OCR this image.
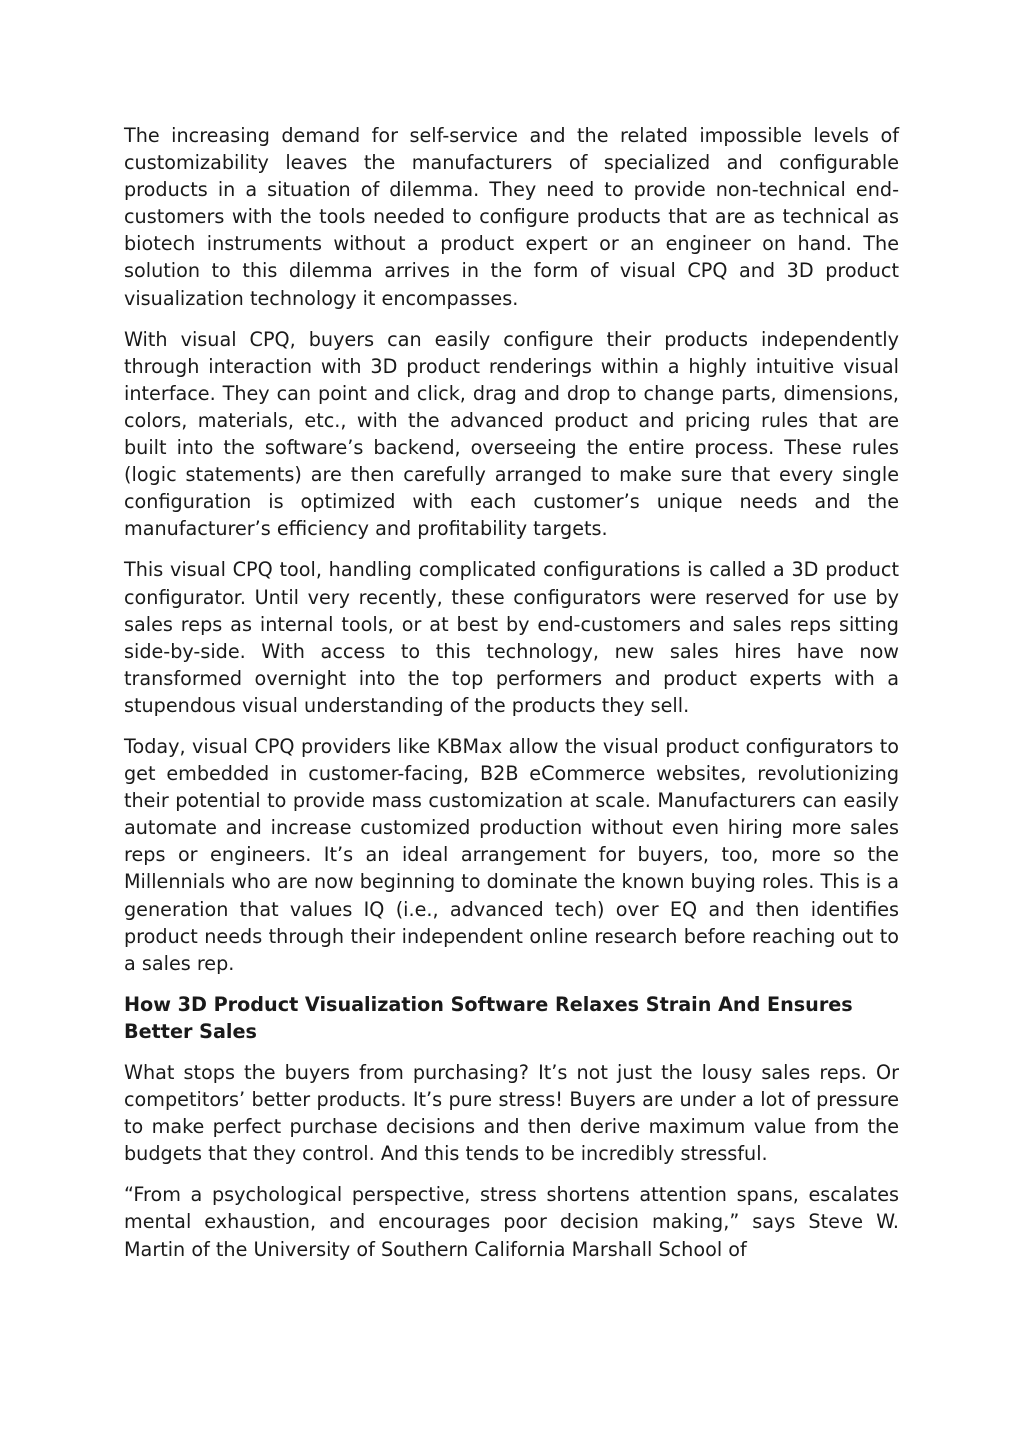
The increasing demand for self-service and the related impossible levels of customizability leaves the manufacturers of specialized and configurable products in a situation of dilemma. They need to provide non-technical end-customers with the tools needed to configure products that are as technical as biotech instruments without a product expert or an engineer on hand. The solution to this dilemma arrives in the form of visual CPQ and 3D product visualization technology it encompasses.

With visual CPQ, buyers can easily configure their products independently through interaction with 3D product renderings within a highly intuitive visual interface. They can point and click, drag and drop to change parts, dimensions, colors, materials, etc., with the advanced product and pricing rules that are built into the software’s backend, overseeing the entire process. These rules (logic statements) are then carefully arranged to make sure that every single configuration is optimized with each customer’s unique needs and the manufacturer’s efficiency and profitability targets.

This visual CPQ tool, handling complicated configurations is called a 3D product configurator. Until very recently, these configurators were reserved for use by sales reps as internal tools, or at best by end-customers and sales reps sitting side-by-side. With access to this technology, new sales hires have now transformed overnight into the top performers and product experts with a stupendous visual understanding of the products they sell.

Today, visual CPQ providers like KBMax allow the visual product configurators to get embedded in customer-facing, B2B eCommerce websites, revolutionizing their potential to provide mass customization at scale. Manufacturers can easily automate and increase customized production without even hiring more sales reps or engineers. It’s an ideal arrangement for buyers, too, more so the Millennials who are now beginning to dominate the known buying roles. This is a generation that values IQ (i.e., advanced tech) over EQ and then identifies product needs through their independent online research before reaching out to a sales rep.

How 3D Product Visualization Software Relaxes Strain And Ensures Better Sales

What stops the buyers from purchasing? It’s not just the lousy sales reps. Or competitors’ better products. It’s pure stress! Buyers are under a lot of pressure to make perfect purchase decisions and then derive maximum value from the budgets that they control. And this tends to be incredibly stressful.

“From a psychological perspective, stress shortens attention spans, escalates mental exhaustion, and encourages poor decision making,” says Steve W. Martin of the University of Southern California Marshall School of
